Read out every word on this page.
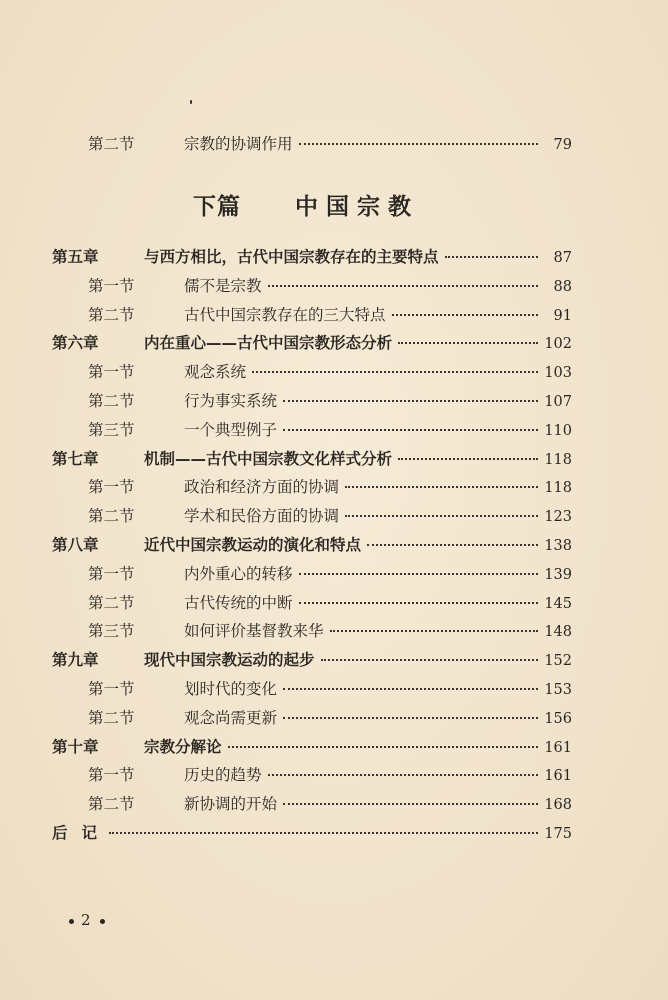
第二节	宗教的协调作用	79
下篇 中国宗教
第五章	与西方相比，古代中国宗教存在的主要特点	87
第一节	儒不是宗教	88
第二节	古代中国宗教存在的三大特点	91
第六章	内在重心——古代中国宗教形态分析	102
第一节	观念系统	103
第二节	行为事实系统	107
第三节	一个典型例子	110
第七章	机制——古代中国宗教文化样式分析	118
第一节	政治和经济方面的协调	118
第二节	学术和民俗方面的协调	123
第八章	近代中国宗教运动的演化和特点	138
第一节	内外重心的转移	139
第二节	古代传统的中断	145
第三节	如何评价基督教来华	148
第九章	现代中国宗教运动的起步	152
第一节	划时代的变化	153
第二节	观念尚需更新	156
第十章	宗教分解论	161
第一节	历史的趋势	161
第二节	新协调的开始	168
后记	175
2
